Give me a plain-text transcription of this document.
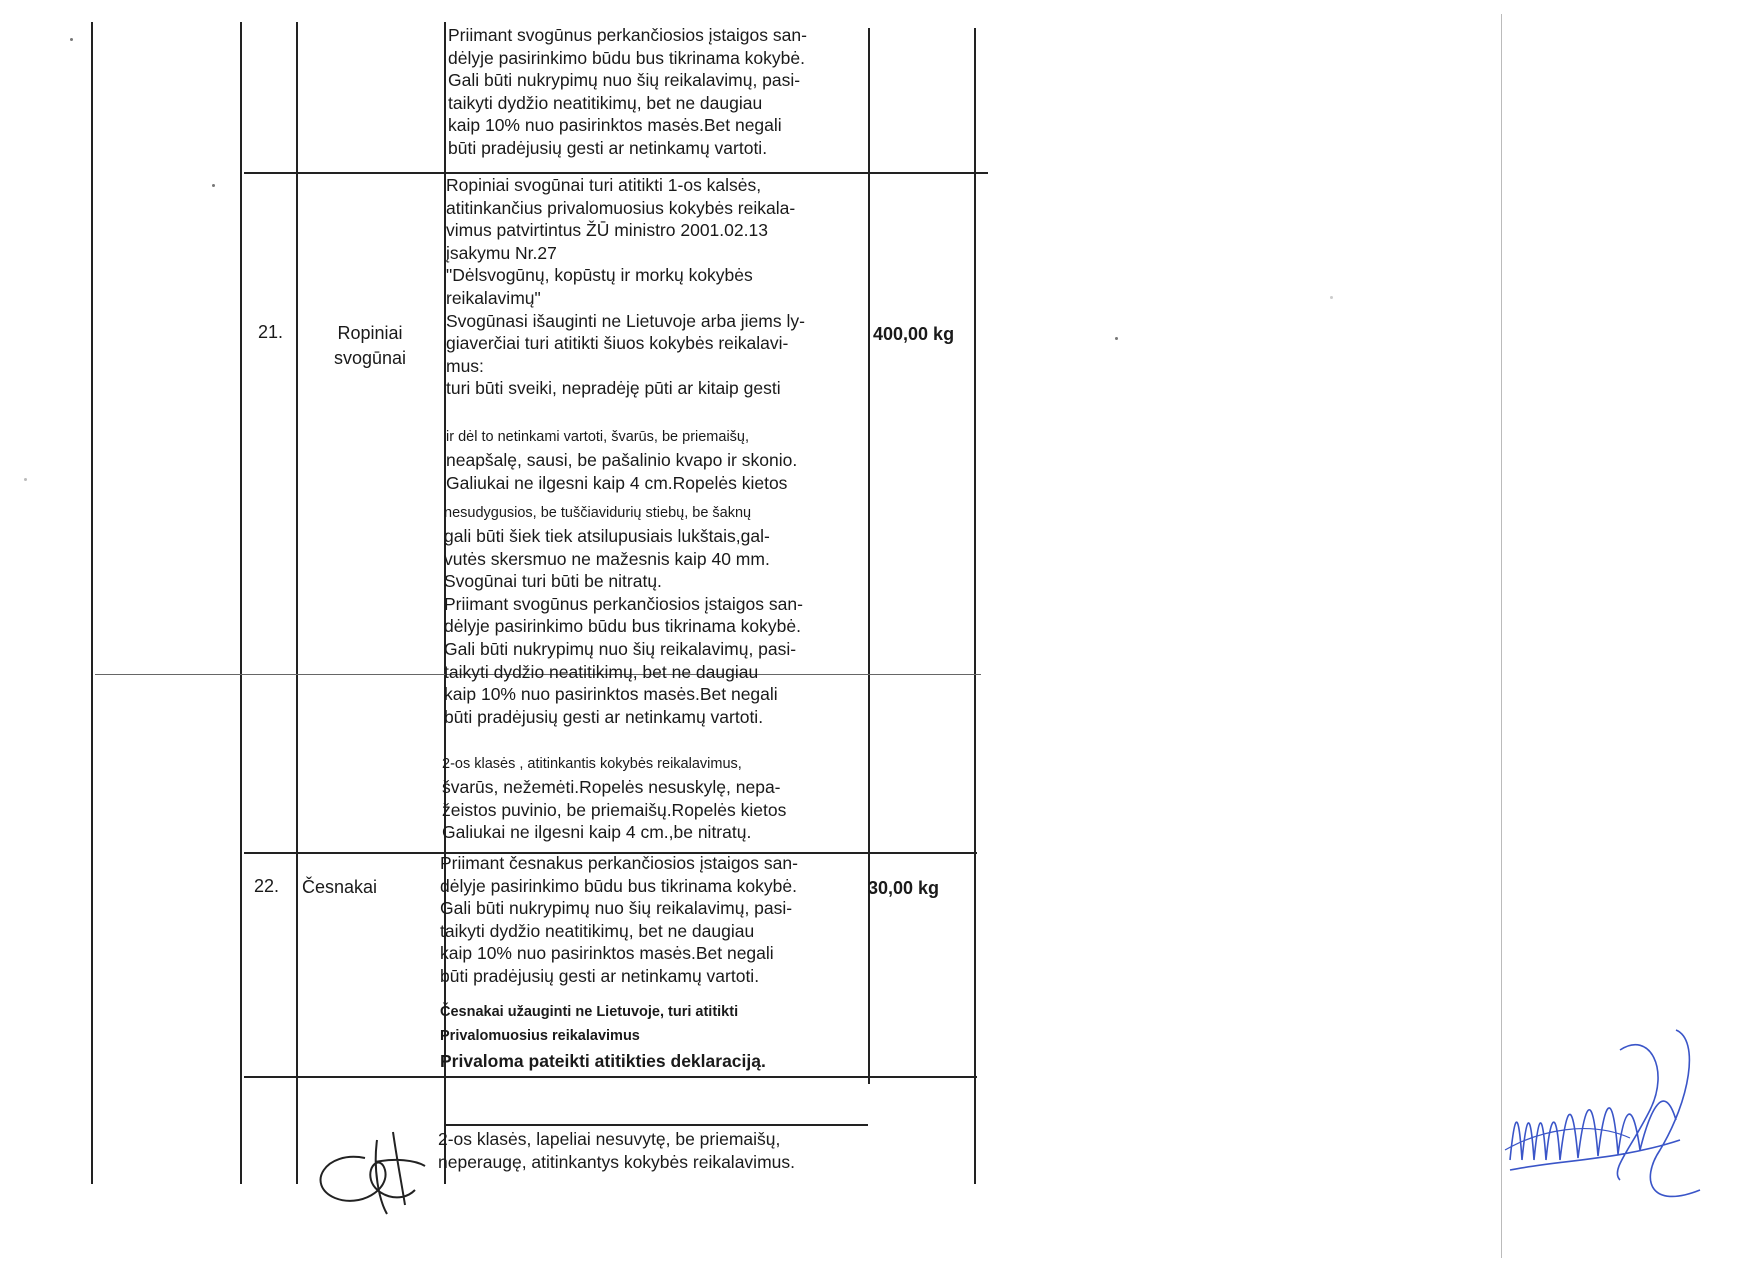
Priimant svogūnus perkančiosios įstaigos san-
dėlyje pasirinkimo būdu bus tikrinama kokybė.
Gali būti nukrypimų nuo šių reikalavimų, pasi-
taikyti dydžio neatitikimų, bet ne daugiau
kaip 10% nuo pasirinktos masės.Bet negali
būti pradėjusių gesti ar netinkamų vartoti.
21.	Ropiniai
svogūnai
400,00 kg
Ropiniai svogūnai turi atitikti 1-os kalsės,
atitinkančius privalomuosius kokybės reikala-
vimus patvirtintus ŽŪ ministro 2001.02.13
įsakymu Nr.27
"Dėlsvogūnų, kopūstų ir morkų kokybės
reikalavimų"
Svogūnasi išauginti ne Lietuvoje arba jiems ly-
giaverčiai turi atitikti šiuos kokybės reikalavi-
mus:
turi būti sveiki, nepradėję pūti ar kitaip gesti
ir dėl to netinkami vartoti, švarūs, be priemaišų,
neapšalę, sausi, be pašalinio kvapo ir skonio.
Galiukai ne ilgesni kaip 4 cm.Ropelės kietos
nesudygusios, be tuščiavidurių stiebų, be šaknų
gali būti šiek tiek atsilupusiais lukštais,gal-
vutės skersmuo ne mažesnis kaip 40 mm.
Svogūnai turi būti be nitratų.
Priimant svogūnus perkančiosios įstaigos san-
dėlyje pasirinkimo būdu bus tikrinama kokybė.
Gali būti nukrypimų nuo šių reikalavimų, pasi-
taikyti dydžio neatitikimų, bet ne daugiau
kaip 10% nuo pasirinktos masės.Bet negali
būti pradėjusių gesti ar netinkamų vartoti.
2-os klasės , atitinkantis kokybės reikalavimus,
švarūs, nežemėti.Ropelės nesuskylę, nepa-
žeistos puvinio, be priemaišų.Ropelės kietos
Galiukai ne ilgesni kaip 4 cm.,be nitratų.
22. Česnakai	30,00 kg
Priimant česnakus perkančiosios įstaigos san-
dėlyje pasirinkimo būdu bus tikrinama kokybė.
Gali būti nukrypimų nuo šių reikalavimų, pasi-
taikyti dydžio neatitikimų, bet ne daugiau
kaip 10% nuo pasirinktos masės.Bet negali
būti pradėjusių gesti ar netinkamų vartoti.
Česnakai užauginti ne Lietuvoje, turi atitikti
Privalomuosius reikalavimus
Privaloma pateikti atitikties deklaraciją.
2-os klasės, lapeliai nesuvytę, be priemaišų,
neperaugę, atitinkantys kokybės reikalavimus.
